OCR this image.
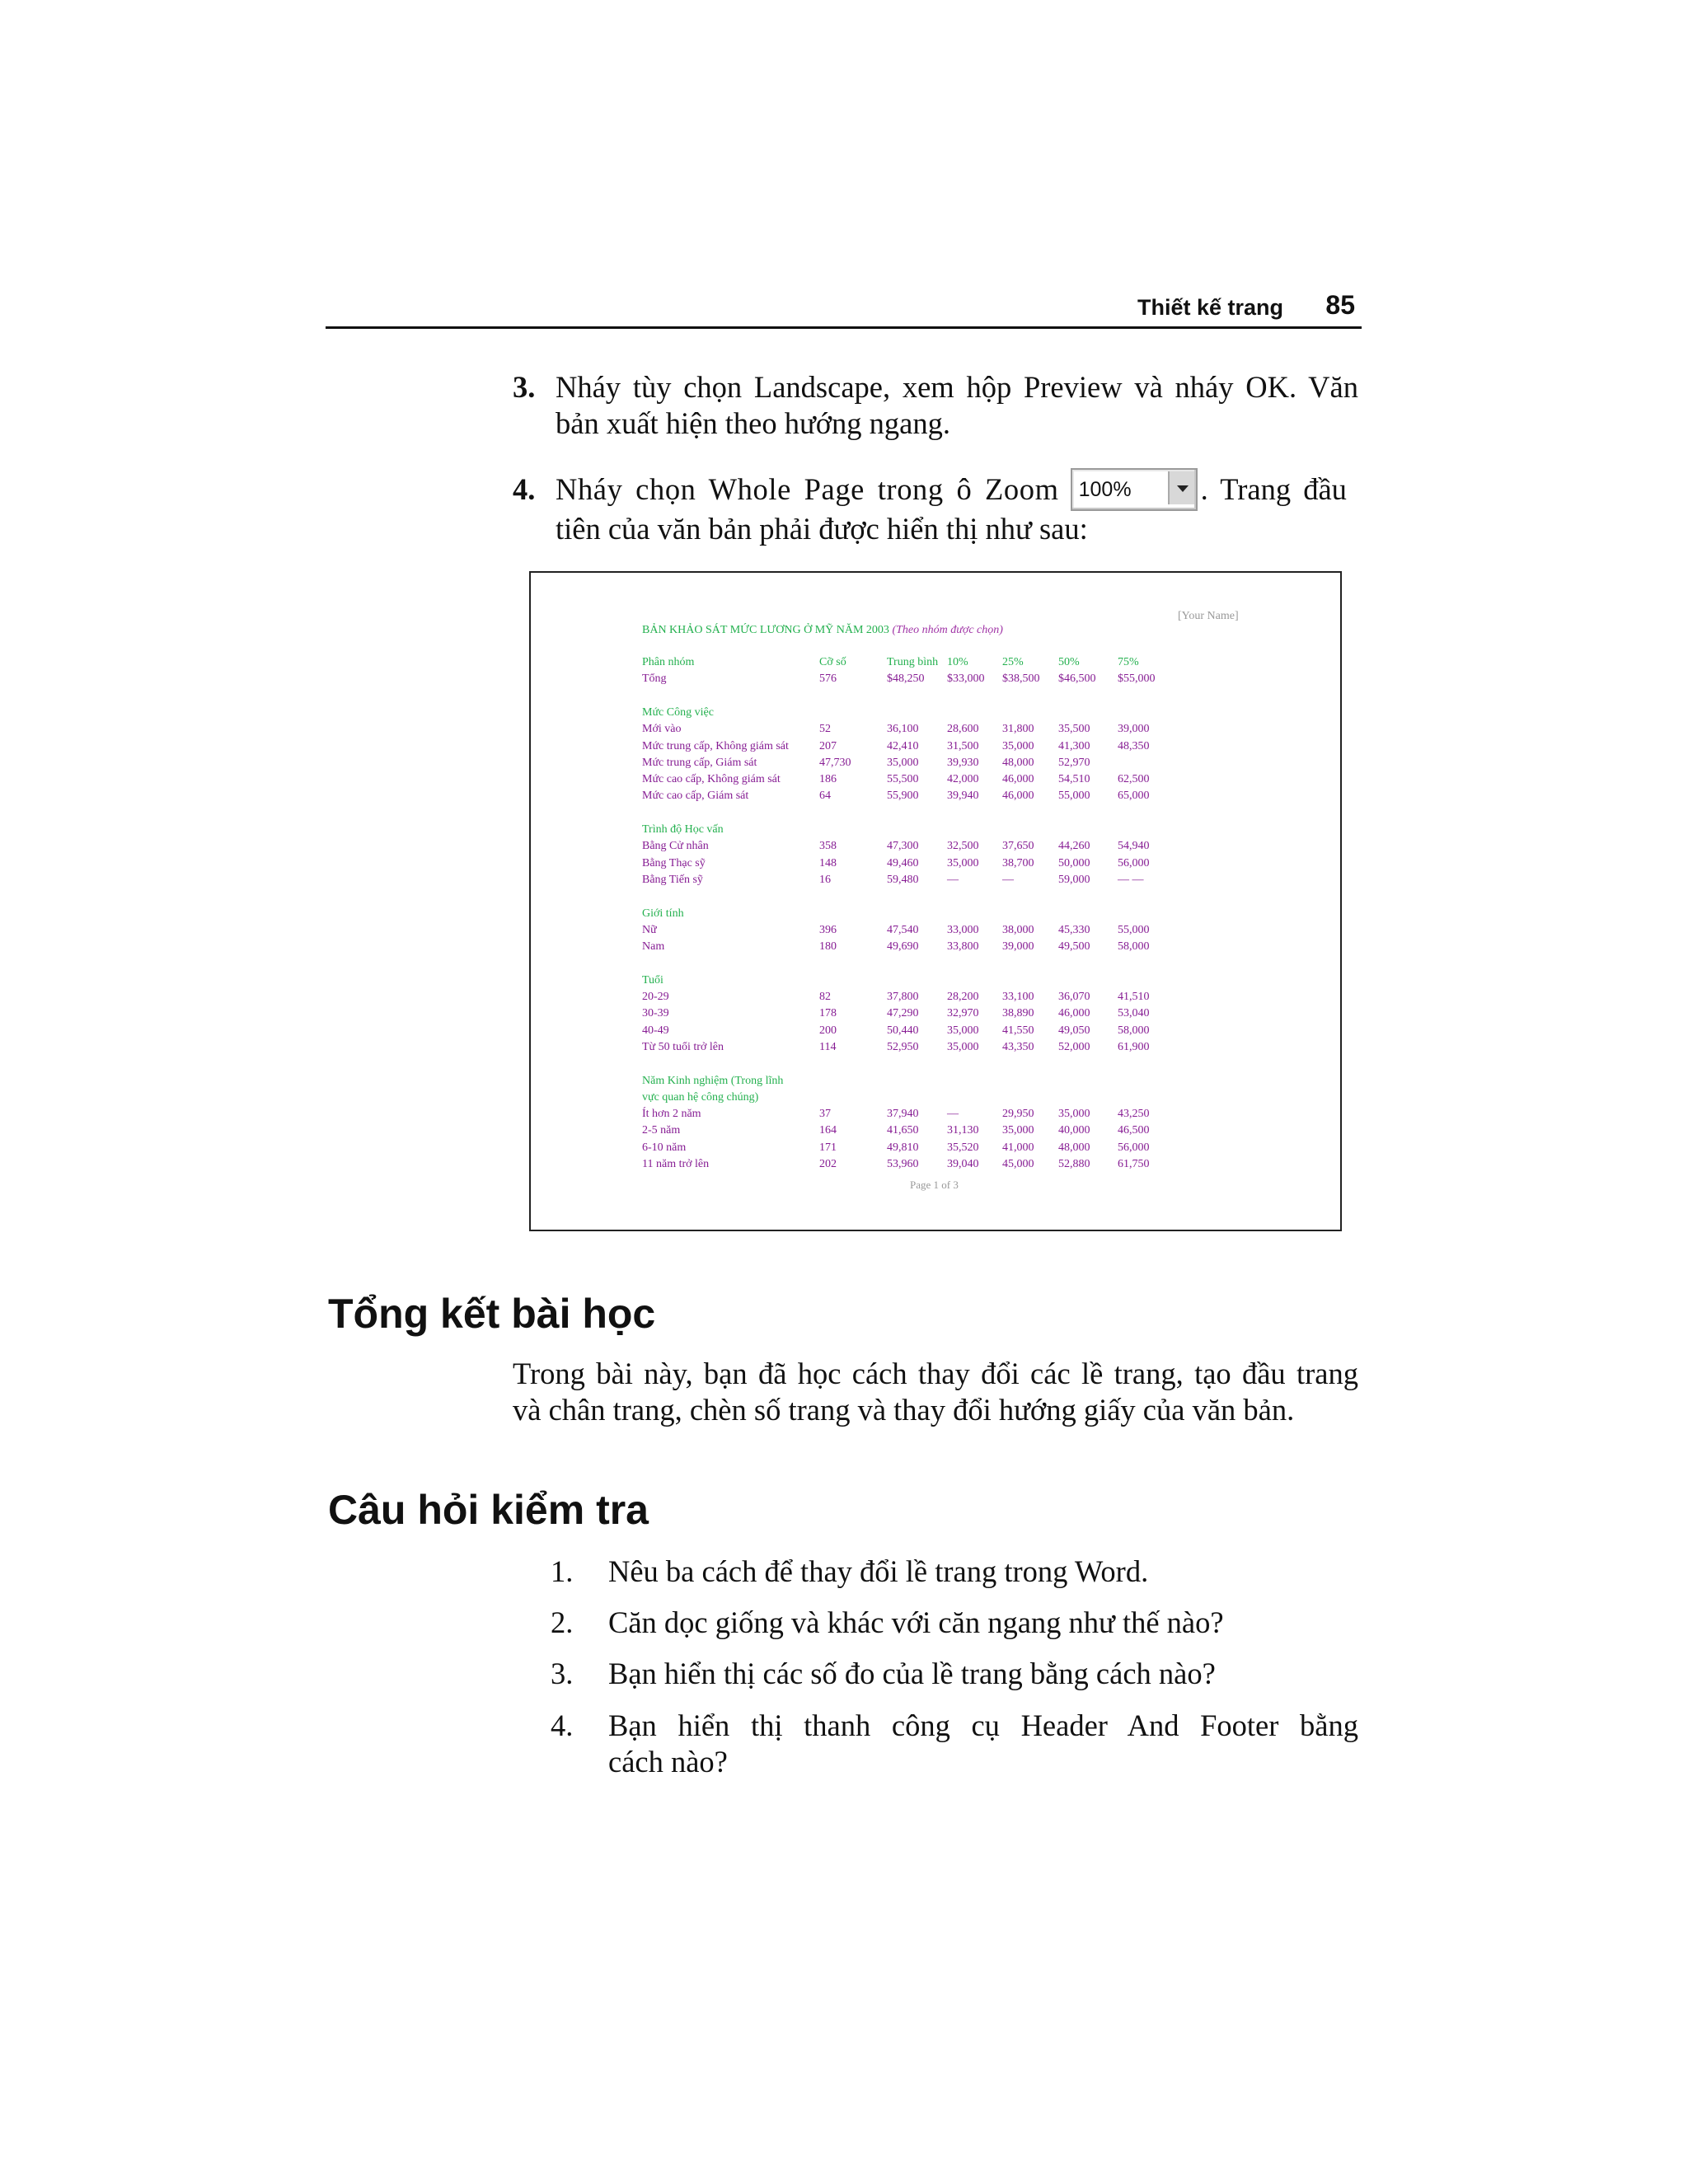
Thiết kế trang 85
3. Nháy tùy chọn Landscape, xem hộp Preview và nháy OK. Văn
bản xuất hiện theo hướng ngang.
4. Nháy chọn Whole Page trong ô Zoom 100% . Trang đầu
tiên của văn bản phải được hiển thị như sau:
[Your Name]
BẢN KHẢO SÁT MỨC LƯƠNG Ở MỸ NĂM 2003 (Theo nhóm được chọn)
Phân nhóm	Cỡ số	Trung bình 10%	25%	50%	75%
Tổng	576	$48,250 $33,000 $38,500 $46,500 $55,000
Mức Công việc
Mới vào	52	36,100 28,600 31,800 35,500 39,000
Mức trung cấp, Không giám sát	207	42,410 31,500 35,000 41,300 48,350
Mức trung cấp, Giám sát	47,730	35,000 39,930 48,000 52,970
Mức cao cấp, Không giám sát	186	55,500 42,000 46,000 54,510 62,500
Mức cao cấp, Giám sát	64	55,900 39,940 46,000 55,000 65,000
Trình độ Học vấn
Bằng Cử nhân	358	47,300 32,500 37,650 44,260 54,940
Bằng Thạc sỹ	148	49,460 35,000 38,700 50,000 56,000
Bằng Tiến sỹ	16	59,480 —	—	59,000 — —
Giới tính
Nữ	396	47,540 33,000 38,000 45,330 55,000
Nam	180	49,690 33,800 39,000 49,500 58,000
Tuổi
20-29	82	37,800 28,200 33,100 36,070 41,510
30-39	178	47,290 32,970 38,890 46,000 53,040
40-49	200	50,440 35,000 41,550 49,050 58,000
Từ 50 tuổi trở lên	114	52,950 35,000 43,350 52,000 61,900
Năm Kinh nghiệm (Trong lĩnh
vực quan hệ công chúng)
Ít hơn 2 năm	37	37,940 —	29,950 35,000 43,250
2-5 năm	164	41,650 31,130 35,000 40,000 46,500
6-10 năm	171	49,810 35,520 41,000 48,000 56,000
11 năm trở lên	202	53,960 39,040 45,000 52,880 61,750
Page 1 of 3
Tổng kết bài học
Trong bài này, bạn đã học cách thay đổi các lề trang, tạo đầu trang
và chân trang, chèn số trang và thay đổi hướng giấy của văn bản.
Câu hỏi kiểm tra
1. Nêu ba cách để thay đổi lề trang trong Word.
2. Căn dọc giống và khác với căn ngang như thế nào?
3. Bạn hiển thị các số đo của lề trang bằng cách nào?
4. Bạn hiển thị thanh công cụ Header And Footer bằng
cách nào?
